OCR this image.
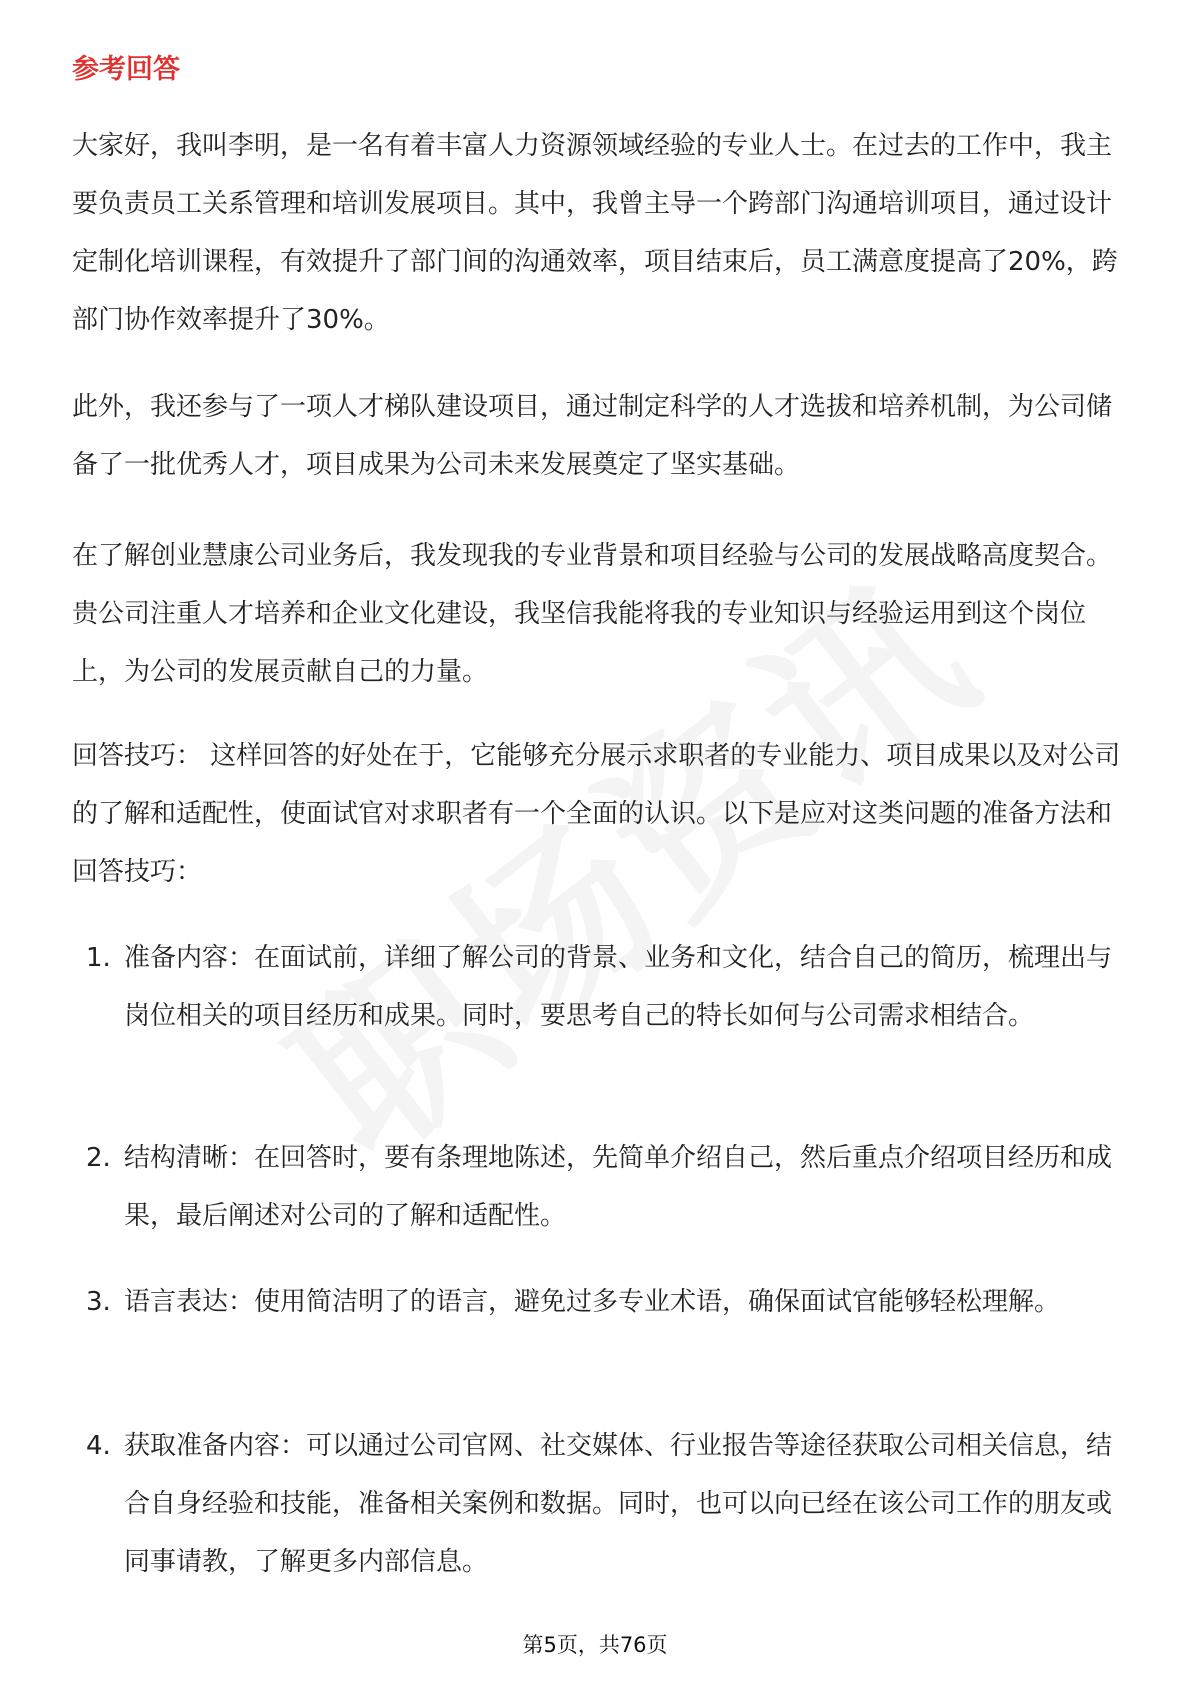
参考回答

大家好，我叫李明，是一名有着丰富人力资源领域经验的专业人士。在过去的工作中，我主要负责员工关系管理和培训发展项目。其中，我曾主导一个跨部门沟通培训项目，通过设计定制化培训课程，有效提升了部门间的沟通效率，项目结束后，员工满意度提高了20%，跨部门协作效率提升了30%。

此外，我还参与了一项人才梯队建设项目，通过制定科学的人才选拔和培养机制，为公司储备了一批优秀人才，项目成果为公司未来发展奠定了坚实基础。

在了解创业慧康公司业务后，我发现我的专业背景和项目经验与公司的发展战略高度契合。贵公司注重人才培养和企业文化建设，我坚信我能将我的专业知识与经验运用到这个岗位上，为公司的发展贡献自己的力量。

回答技巧： 这样回答的好处在于，它能够充分展示求职者的专业能力、项目成果以及对公司的了解和适配性，使面试官对求职者有一个全面的认识。以下是应对这类问题的准备方法和回答技巧：

1. 准备内容：在面试前，详细了解公司的背景、业务和文化，结合自己的简历，梳理出与岗位相关的项目经历和成果。同时，要思考自己的特长如何与公司需求相结合。
2. 结构清晰：在回答时，要有条理地陈述，先简单介绍自己，然后重点介绍项目经历和成果，最后阐述对公司的了解和适配性。
3. 语言表达：使用简洁明了的语言，避免过多专业术语，确保面试官能够轻松理解。
4. 获取准备内容：可以通过公司官网、社交媒体、行业报告等途径获取公司相关信息，结合自身经验和技能，准备相关案例和数据。同时，也可以向已经在该公司工作的朋友或同事请教，了解更多内部信息。
第5页，共76页
